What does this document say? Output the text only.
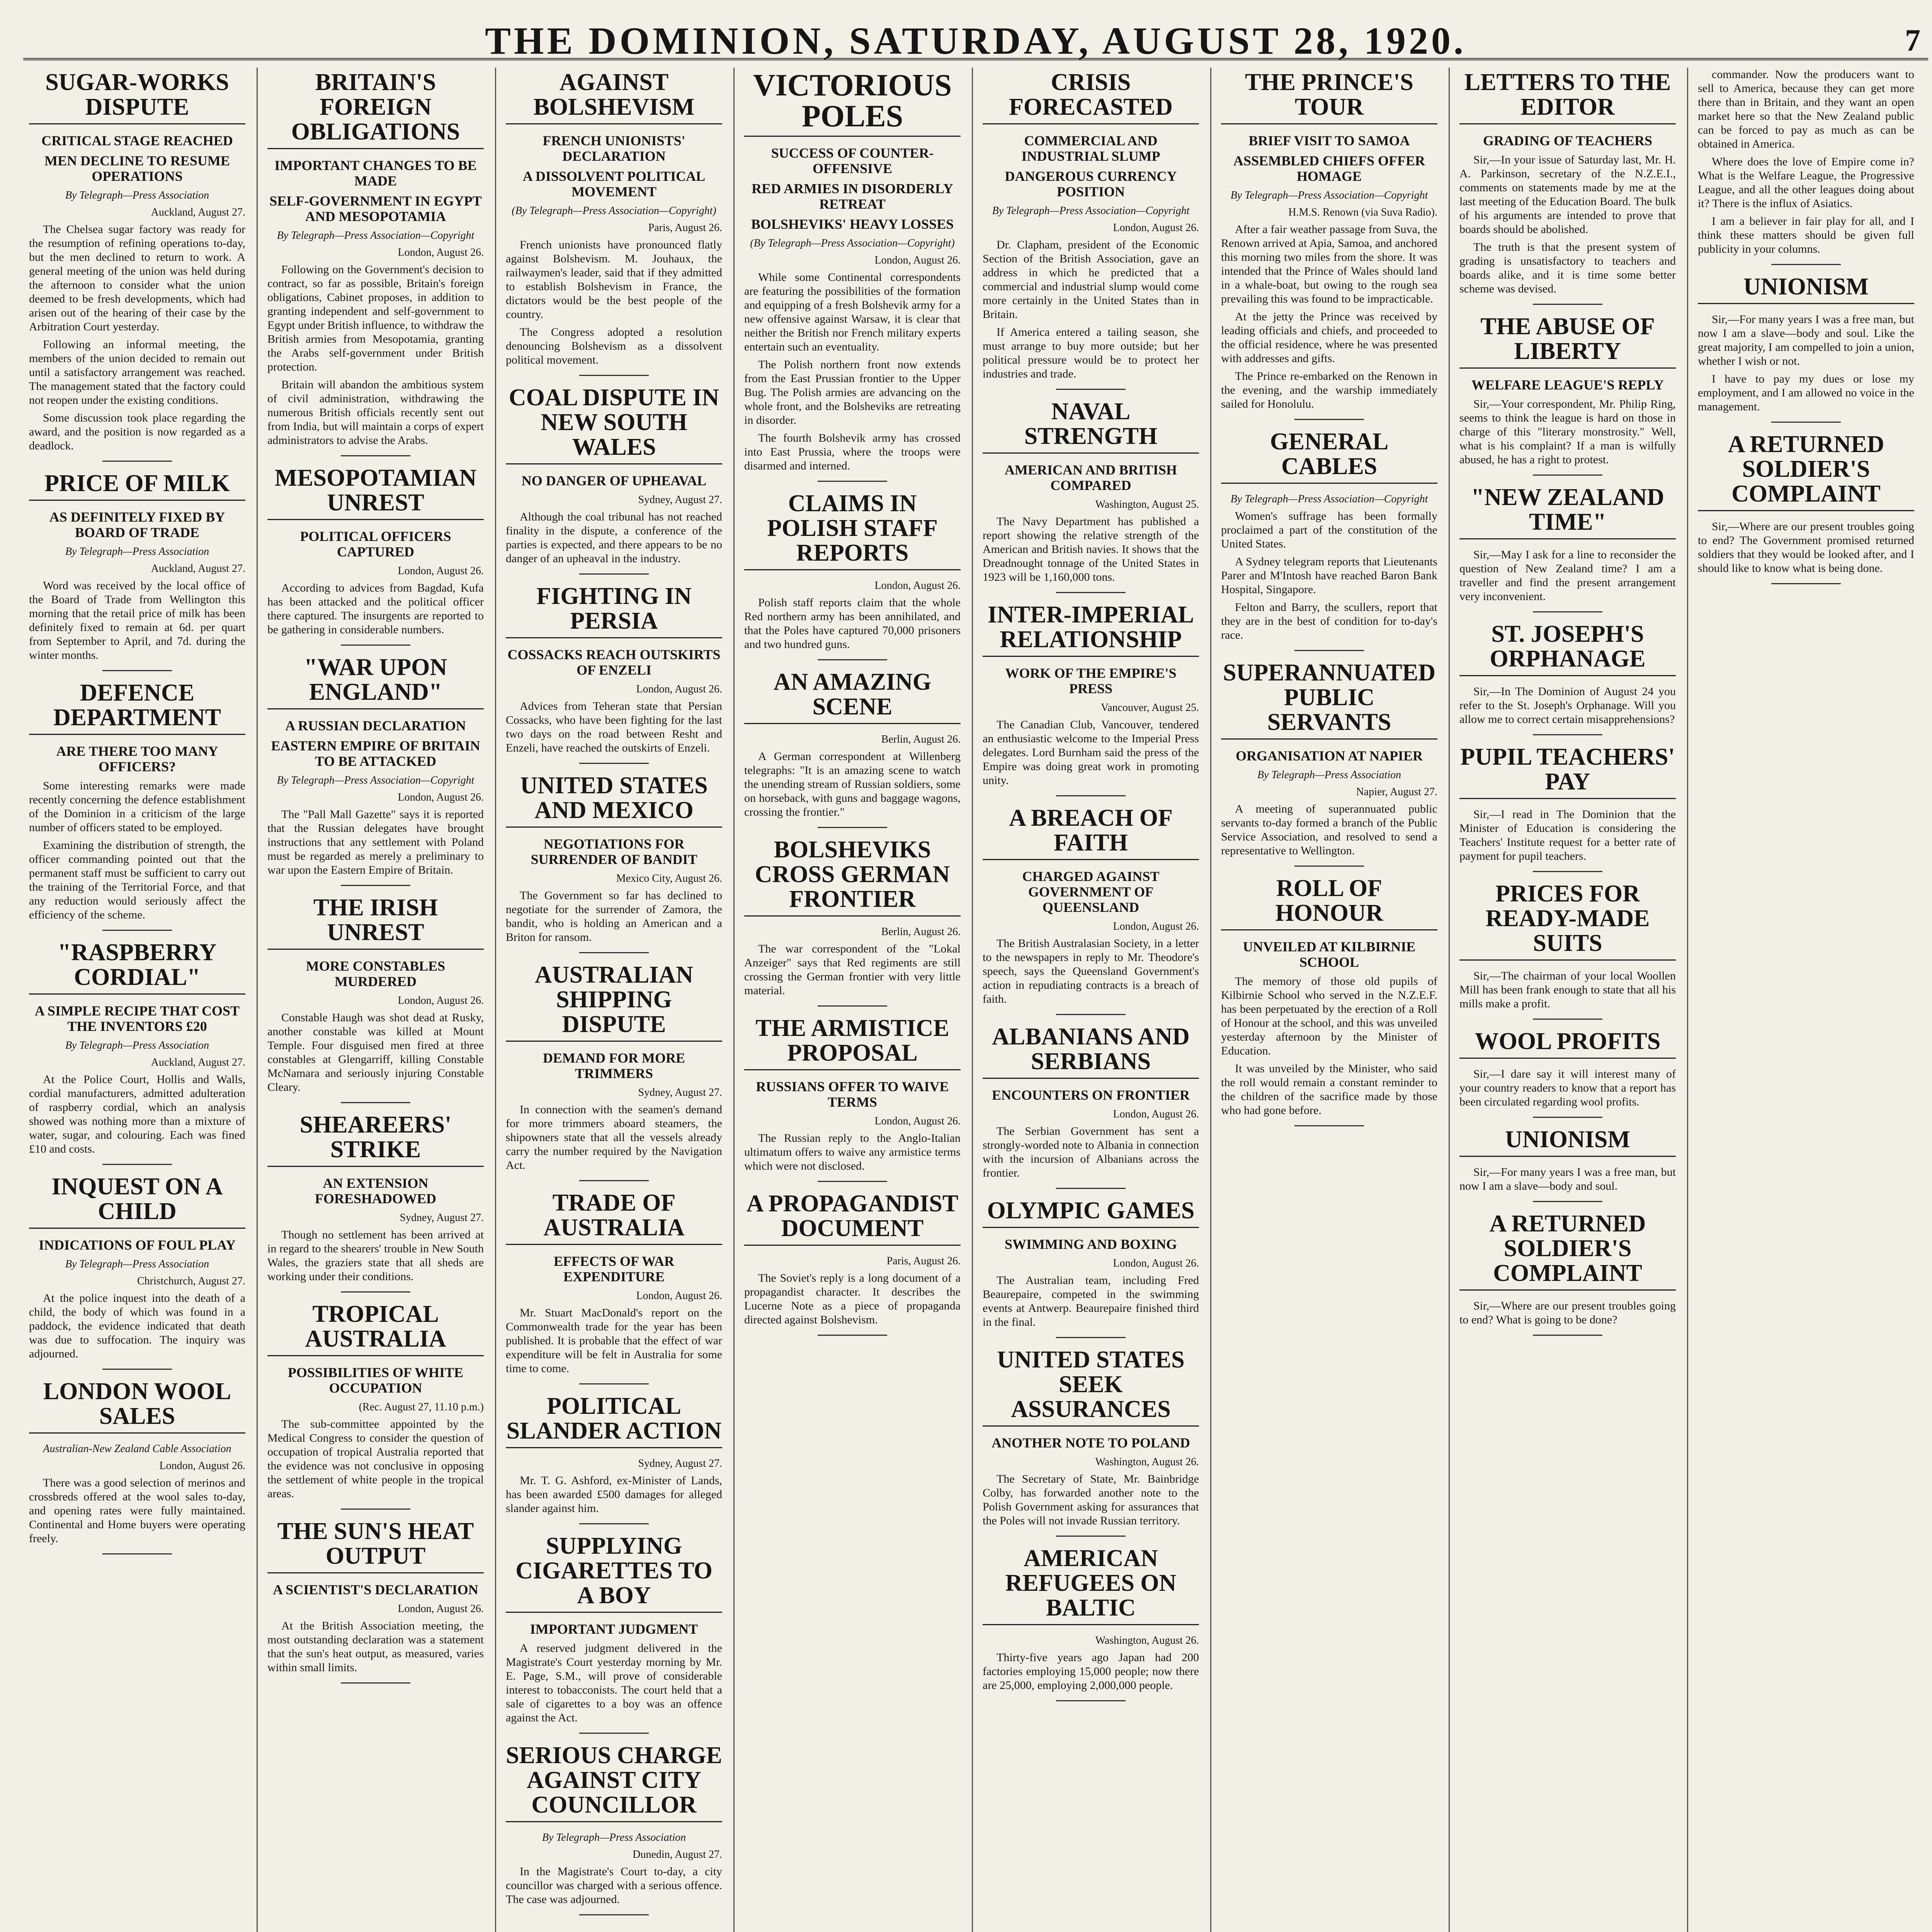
THE DOMINION, SATURDAY, AUGUST 28, 1920.	7
SUGAR-WORKS DISPUTE
CRITICAL STAGE REACHED
MEN DECLINE TO RESUME OPERATIONS
By Telegraph—Press Association
Auckland, August 27.

The Chelsea sugar factory was ready for the resumption of refining operations to-day, but the men declined to return to work. A general meeting of the union was held during the afternoon to consider what the union deemed to be fresh developments, which had arisen out of the hearing of their case by the Arbitration Court yesterday.

Following an informal meeting, the members of the union decided to remain out until a satisfactory arrangement was reached. The management stated that the factory could not reopen under the existing conditions.

Some discussion took place regarding the award, and the position is now regarded as a deadlock.

PRICE OF MILK
AS DEFINITELY FIXED BY BOARD OF TRADE
By Telegraph—Press Association
Auckland, August 27.

Word was received by the local office of the Board of Trade from Wellington this morning that the retail price of milk has been definitely fixed to remain at 6d. per quart from September to April, and 7d. during the winter months.

DEFENCE DEPARTMENT
ARE THERE TOO MANY OFFICERS?

Some interesting remarks were made recently concerning the defence establishment of the Dominion in a criticism of the large number of officers stated to be employed.

Examining the distribution of strength, the officer commanding pointed out that the permanent staff must be sufficient to carry out the training of the Territorial Force, and that any reduction would seriously affect the efficiency of the scheme.

"RASPBERRY CORDIAL"
A SIMPLE RECIPE THAT COST THE INVENTORS £20
By Telegraph—Press Association
Auckland, August 27.

At the Police Court, Hollis and Walls, cordial manufacturers, admitted adulteration of raspberry cordial, which an analysis showed was nothing more than a mixture of water, sugar, and colouring. Each was fined £10 and costs.

INQUEST ON A CHILD
INDICATIONS OF FOUL PLAY
By Telegraph—Press Association
Christchurch, August 27.

At the police inquest into the death of a child, the body of which was found in a paddock, the evidence indicated that death was due to suffocation. The inquiry was adjourned.

LONDON WOOL SALES
Australian-New Zealand Cable Association
London, August 26.

There was a good selection of merinos and crossbreds offered at the wool sales to-day, and opening rates were fully maintained. Continental and Home buyers were operating freely.

BRITAIN'S FOREIGN OBLIGATIONS
IMPORTANT CHANGES TO BE MADE
SELF-GOVERNMENT IN EGYPT AND MESOPOTAMIA
By Telegraph—Press Association—Copyright
London, August 26.

Following on the Government's decision to contract, so far as possible, Britain's foreign obligations, Cabinet proposes, in addition to granting independent and self-government to Egypt under British influence, to withdraw the British armies from Mesopotamia, granting the Arabs self-government under British protection.

Britain will abandon the ambitious system of civil administration, withdrawing the numerous British officials recently sent out from India, but will maintain a corps of expert administrators to advise the Arabs.

MESOPOTAMIAN UNREST
POLITICAL OFFICERS CAPTURED
London, August 26.

According to advices from Bagdad, Kufa has been attacked and the political officer there captured. The insurgents are reported to be gathering in considerable numbers.

"WAR UPON ENGLAND"
A RUSSIAN DECLARATION
EASTERN EMPIRE OF BRITAIN TO BE ATTACKED
By Telegraph—Press Association—Copyright
London, August 26.

The "Pall Mall Gazette" says it is reported that the Russian delegates have brought instructions that any settlement with Poland must be regarded as merely a preliminary to war upon the Eastern Empire of Britain.

THE IRISH UNREST
MORE CONSTABLES MURDERED
London, August 26.

Constable Haugh was shot dead at Rusky, another constable was killed at Mount Temple. Four disguised men fired at three constables at Glengarriff, killing Constable McNamara and seriously injuring Constable Cleary.

SHEAREERS' STRIKE
AN EXTENSION FORESHADOWED
Sydney, August 27.

Though no settlement has been arrived at in regard to the shearers' trouble in New South Wales, the graziers state that all sheds are working under their conditions.

TROPICAL AUSTRALIA
POSSIBILITIES OF WHITE OCCUPATION
(Rec. August 27, 11.10 p.m.)

The sub-committee appointed by the Medical Congress to consider the question of occupation of tropical Australia reported that the evidence was not conclusive in opposing the settlement of white people in the tropical areas.

THE SUN'S HEAT OUTPUT
A SCIENTIST'S DECLARATION
London, August 26.

At the British Association meeting, the most outstanding declaration was a statement that the sun's heat output, as measured, varies within small limits.

AGAINST BOLSHEVISM
FRENCH UNIONISTS' DECLARATION
A DISSOLVENT POLITICAL MOVEMENT
(By Telegraph—Press Association—Copyright)
Paris, August 26.

French unionists have pronounced flatly against Bolshevism. M. Jouhaux, the railwaymen's leader, said that if they admitted to establish Bolshevism in France, the dictators would be the best people of the country.

The Congress adopted a resolution denouncing Bolshevism as a dissolvent political movement.

COAL DISPUTE IN NEW SOUTH WALES
NO DANGER OF UPHEAVAL
Sydney, August 27.

Although the coal tribunal has not reached finality in the dispute, a conference of the parties is expected, and there appears to be no danger of an upheaval in the industry.

FIGHTING IN PERSIA
COSSACKS REACH OUTSKIRTS OF ENZELI
London, August 26.

Advices from Teheran state that Persian Cossacks, who have been fighting for the last two days on the road between Resht and Enzeli, have reached the outskirts of Enzeli.

UNITED STATES AND MEXICO
NEGOTIATIONS FOR SURRENDER OF BANDIT
Mexico City, August 26.

The Government so far has declined to negotiate for the surrender of Zamora, the bandit, who is holding an American and a Briton for ransom.

AUSTRALIAN SHIPPING DISPUTE
DEMAND FOR MORE TRIMMERS
Sydney, August 27.

In connection with the seamen's demand for more trimmers aboard steamers, the shipowners state that all the vessels already carry the number required by the Navigation Act.

TRADE OF AUSTRALIA
EFFECTS OF WAR EXPENDITURE
London, August 26.

Mr. Stuart MacDonald's report on the Commonwealth trade for the year has been published. It is probable that the effect of war expenditure will be felt in Australia for some time to come.

POLITICAL SLANDER ACTION
Sydney, August 27.

Mr. T. G. Ashford, ex-Minister of Lands, has been awarded £500 damages for alleged slander against him.

SUPPLYING CIGARETTES TO A BOY
IMPORTANT JUDGMENT

A reserved judgment delivered in the Magistrate's Court yesterday morning by Mr. E. Page, S.M., will prove of considerable interest to tobacconists. The court held that a sale of cigarettes to a boy was an offence against the Act.

SERIOUS CHARGE AGAINST CITY COUNCILLOR
By Telegraph—Press Association
Dunedin, August 27.

In the Magistrate's Court to-day, a city councillor was charged with a serious offence. The case was adjourned.

VICTORIOUS POLES
SUCCESS OF COUNTER-OFFENSIVE
RED ARMIES IN DISORDERLY RETREAT
BOLSHEVIKS' HEAVY LOSSES
(By Telegraph—Press Association—Copyright)
London, August 26.

While some Continental correspondents are featuring the possibilities of the formation and equipping of a fresh Bolshevik army for a new offensive against Warsaw, it is clear that neither the British nor French military experts entertain such an eventuality.

The Polish northern front now extends from the East Prussian frontier to the Upper Bug. The Polish armies are advancing on the whole front, and the Bolsheviks are retreating in disorder.

The fourth Bolshevik army has crossed into East Prussia, where the troops were disarmed and interned.

CLAIMS IN POLISH STAFF REPORTS
London, August 26.

Polish staff reports claim that the whole Red northern army has been annihilated, and that the Poles have captured 70,000 prisoners and two hundred guns.

AN AMAZING SCENE
Berlin, August 26.

A German correspondent at Willenberg telegraphs: "It is an amazing scene to watch the unending stream of Russian soldiers, some on horseback, with guns and baggage wagons, crossing the frontier."

BOLSHEVIKS CROSS GERMAN FRONTIER
Berlin, August 26.

The war correspondent of the "Lokal Anzeiger" says that Red regiments are still crossing the German frontier with very little material.

THE ARMISTICE PROPOSAL
RUSSIANS OFFER TO WAIVE TERMS
London, August 26.

The Russian reply to the Anglo-Italian ultimatum offers to waive any armistice terms which were not disclosed.

A PROPAGANDIST DOCUMENT
Paris, August 26.

The Soviet's reply is a long document of a propagandist character. It describes the Lucerne Note as a piece of propaganda directed against Bolshevism.

CRISIS FORECASTED
COMMERCIAL AND INDUSTRIAL SLUMP
DANGEROUS CURRENCY POSITION
By Telegraph—Press Association—Copyright
London, August 26.

Dr. Clapham, president of the Economic Section of the British Association, gave an address in which he predicted that a commercial and industrial slump would come more certainly in the United States than in Britain.

If America entered a tailing season, she must arrange to buy more outside; but her political pressure would be to protect her industries and trade.

NAVAL STRENGTH
AMERICAN AND BRITISH COMPARED
Washington, August 25.

The Navy Department has published a report showing the relative strength of the American and British navies. It shows that the Dreadnought tonnage of the United States in 1923 will be 1,160,000 tons.

INTER-IMPERIAL RELATIONSHIP
WORK OF THE EMPIRE'S PRESS
Vancouver, August 25.

The Canadian Club, Vancouver, tendered an enthusiastic welcome to the Imperial Press delegates. Lord Burnham said the press of the Empire was doing great work in promoting unity.

A BREACH OF FAITH
CHARGED AGAINST GOVERNMENT OF QUEENSLAND
London, August 26.

The British Australasian Society, in a letter to the newspapers in reply to Mr. Theodore's speech, says the Queensland Government's action in repudiating contracts is a breach of faith.

ALBANIANS AND SERBIANS
ENCOUNTERS ON FRONTIER
London, August 26.

The Serbian Government has sent a strongly-worded note to Albania in connection with the incursion of Albanians across the frontier.

OLYMPIC GAMES
SWIMMING AND BOXING
London, August 26.

The Australian team, including Fred Beaurepaire, competed in the swimming events at Antwerp. Beaurepaire finished third in the final.

UNITED STATES SEEK ASSURANCES
ANOTHER NOTE TO POLAND
Washington, August 26.

The Secretary of State, Mr. Bainbridge Colby, has forwarded another note to the Polish Government asking for assurances that the Poles will not invade Russian territory.

AMERICAN REFUGEES ON BALTIC
Washington, August 26.

Thirty-five years ago Japan had 200 factories employing 15,000 people; now there are 25,000, employing 2,000,000 people.

THE PRINCE'S TOUR
BRIEF VISIT TO SAMOA
ASSEMBLED CHIEFS OFFER HOMAGE
By Telegraph—Press Association—Copyright
H.M.S. Renown (via Suva Radio).

After a fair weather passage from Suva, the Renown arrived at Apia, Samoa, and anchored this morning two miles from the shore. It was intended that the Prince of Wales should land in a whale-boat, but owing to the rough sea prevailing this was found to be impracticable.

At the jetty the Prince was received by leading officials and chiefs, and proceeded to the official residence, where he was presented with addresses and gifts.

The Prince re-embarked on the Renown in the evening, and the warship immediately sailed for Honolulu.

GENERAL CABLES
By Telegraph—Press Association—Copyright

Women's suffrage has been formally proclaimed a part of the constitution of the United States.

A Sydney telegram reports that Lieutenants Parer and M'Intosh have reached Baron Bank Hospital, Singapore.

Felton and Barry, the scullers, report that they are in the best of condition for to-day's race.

SUPERANNUATED PUBLIC SERVANTS
ORGANISATION AT NAPIER
By Telegraph—Press Association
Napier, August 27.

A meeting of superannuated public servants to-day formed a branch of the Public Service Association, and resolved to send a representative to Wellington.

ROLL OF HONOUR
UNVEILED AT KILBIRNIE SCHOOL

The memory of those old pupils of Kilbirnie School who served in the N.Z.E.F. has been perpetuated by the erection of a Roll of Honour at the school, and this was unveiled yesterday afternoon by the Minister of Education.

It was unveiled by the Minister, who said the roll would remain a constant reminder to the children of the sacrifice made by those who had gone before.

LETTERS TO THE EDITOR
GRADING OF TEACHERS

Sir,—In your issue of Saturday last, Mr. H. A. Parkinson, secretary of the N.Z.E.I., comments on statements made by me at the last meeting of the Education Board. The bulk of his arguments are intended to prove that boards should be abolished.

The truth is that the present system of grading is unsatisfactory to teachers and boards alike, and it is time some better scheme was devised.

THE ABUSE OF LIBERTY
WELFARE LEAGUE'S REPLY

Sir,—Your correspondent, Mr. Philip Ring, seems to think the league is hard on those in charge of this "literary monstrosity." Well, what is his complaint? If a man is wilfully abused, he has a right to protest.

"NEW ZEALAND TIME"

Sir,—May I ask for a line to reconsider the question of New Zealand time? I am a traveller and find the present arrangement very inconvenient.

ST. JOSEPH'S ORPHANAGE

Sir,—In The Dominion of August 24 you refer to the St. Joseph's Orphanage. Will you allow me to correct certain misapprehensions?

PUPIL TEACHERS' PAY

Sir,—I read in The Dominion that the Minister of Education is considering the Teachers' Institute request for a better rate of payment for pupil teachers.

PRICES FOR READY-MADE SUITS

Sir,—The chairman of your local Woollen Mill has been frank enough to state that all his mills make a profit.

WOOL PROFITS

Sir,—I dare say it will interest many of your country readers to know that a report has been circulated regarding wool profits.

UNIONISM

Sir,—For many years I was a free man, but now I am a slave—body and soul.

A RETURNED SOLDIER'S COMPLAINT

Sir,—Where are our present troubles going to end? What is going to be done?

commander. Now the producers want to sell to America, because they can get more there than in Britain, and they want an open market here so that the New Zealand public can be forced to pay as much as can be obtained in America.

Where does the love of Empire come in? What is the Welfare League, the Progressive League, and all the other leagues doing about it? There is the influx of Asiatics.

I am a believer in fair play for all, and I think these matters should be given full publicity in your columns.

UNIONISM

Sir,—For many years I was a free man, but now I am a slave—body and soul. Like the great majority, I am compelled to join a union, whether I wish or not.

I have to pay my dues or lose my employment, and I am allowed no voice in the management.

A RETURNED SOLDIER'S COMPLAINT

Sir,—Where are our present troubles going to end? The Government promised returned soldiers that they would be looked after, and I should like to know what is being done.
